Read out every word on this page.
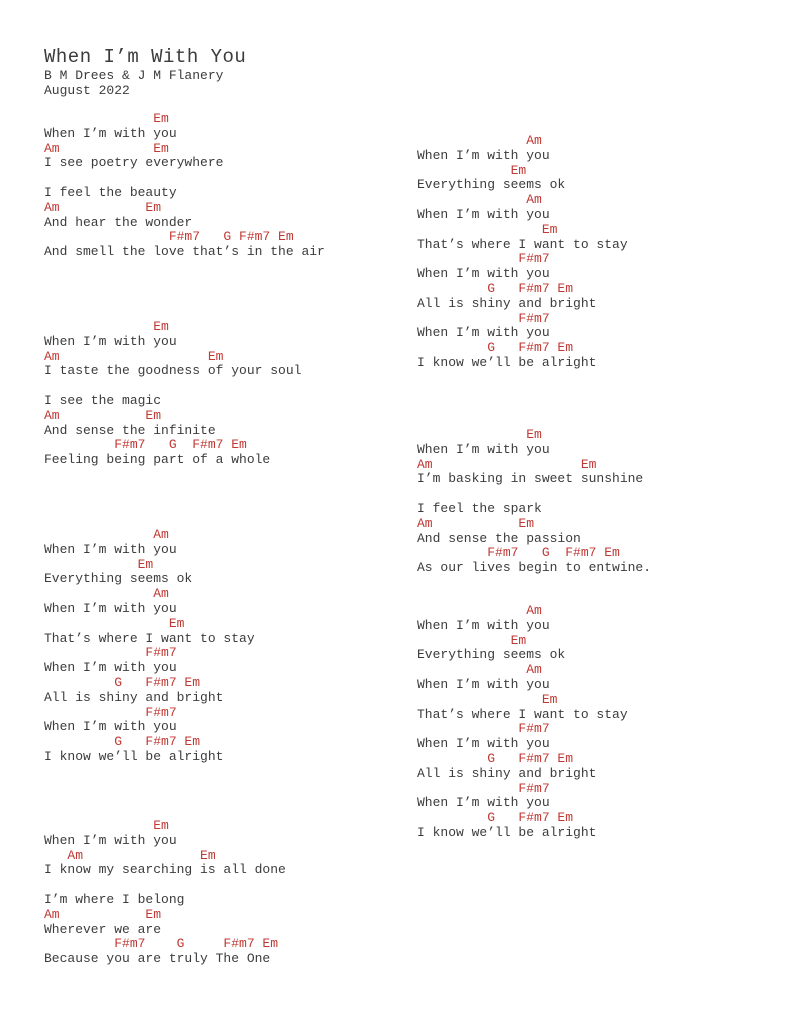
When I’m With You
B M Drees & J M Flanery
August 2022
Em
When I’m with you
Am            Em
I see poetry everywhere
I feel the beauty
Am           Em
And hear the wonder
F#m7   G F#m7 Em
And smell the love that’s in the air
Em
When I’m with you
Am                   Em
I taste the goodness of your soul
I see the magic
Am           Em
And sense the infinite
F#m7   G  F#m7 Em
Feeling being part of a whole
Am
When I’m with you
Em
Everything seems ok
Am
When I’m with you
Em
That’s where I want to stay
F#m7
When I’m with you
G   F#m7 Em
All is shiny and bright
F#m7
When I’m with you
G   F#m7 Em
I know we’ll be alright
Em
When I’m with you
Am               Em
I know my searching is all done
I’m where I belong
Am           Em
Wherever we are
F#m7    G     F#m7 Em
Because you are truly The One
Am
When I’m with you
Em
Everything seems ok
Am
When I’m with you
Em
That’s where I want to stay
F#m7
When I’m with you
G   F#m7 Em
All is shiny and bright
F#m7
When I’m with you
G   F#m7 Em
I know we’ll be alright
Em
When I’m with you
Am                   Em
I’m basking in sweet sunshine
I feel the spark
Am           Em
And sense the passion
F#m7   G  F#m7 Em
As our lives begin to entwine.
Am
When I’m with you
Em
Everything seems ok
Am
When I’m with you
Em
That’s where I want to stay
F#m7
When I’m with you
G   F#m7 Em
All is shiny and bright
F#m7
When I’m with you
G   F#m7 Em
I know we’ll be alright
